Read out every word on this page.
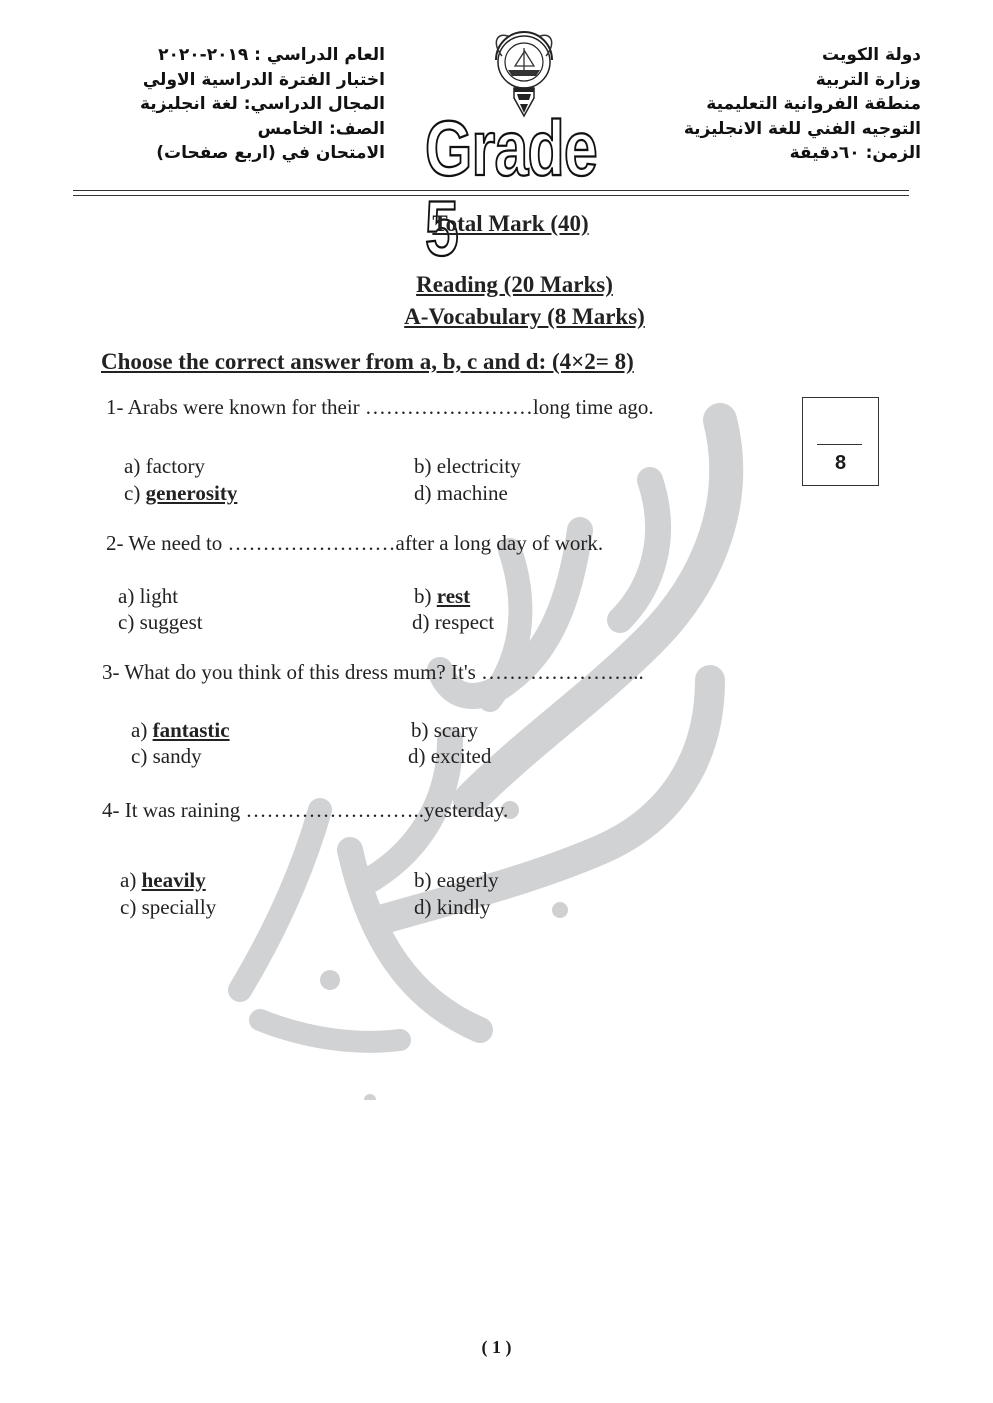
دولة الكويت
وزارة التربية
منطقة الفروانية التعليمية
التوجيه الفني للغة الانجليزية
الزمن: ٦٠دقيقة
العام الدراسي : ٢٠١٩-٢٠٢٠
اختبار الفترة الدراسية الاولي
المجال الدراسي: لغة انجليزية
الصف: الخامس
الامتحان في (اربع صفحات) Grade 5
Total Mark (40)
Reading (20 Marks)
A-Vocabulary (8 Marks)
Choose the correct answer from a, b, c and d: (4×2= 8)
8
1- Arabs were known for their ……………………long time ago.
a) factory	b) electricity
c) generosity	d) machine
2- We need to ……………………after a long day of work.
a) light	b) rest
c) suggest	d) respect
3- What do you think of this dress mum? It's …………………...
a) fantastic	b) scary
c) sandy	d) excited
4- It was raining ……………………..yesterday.
a) heavily	b) eagerly
c) specially	d) kindly
( 1 )
